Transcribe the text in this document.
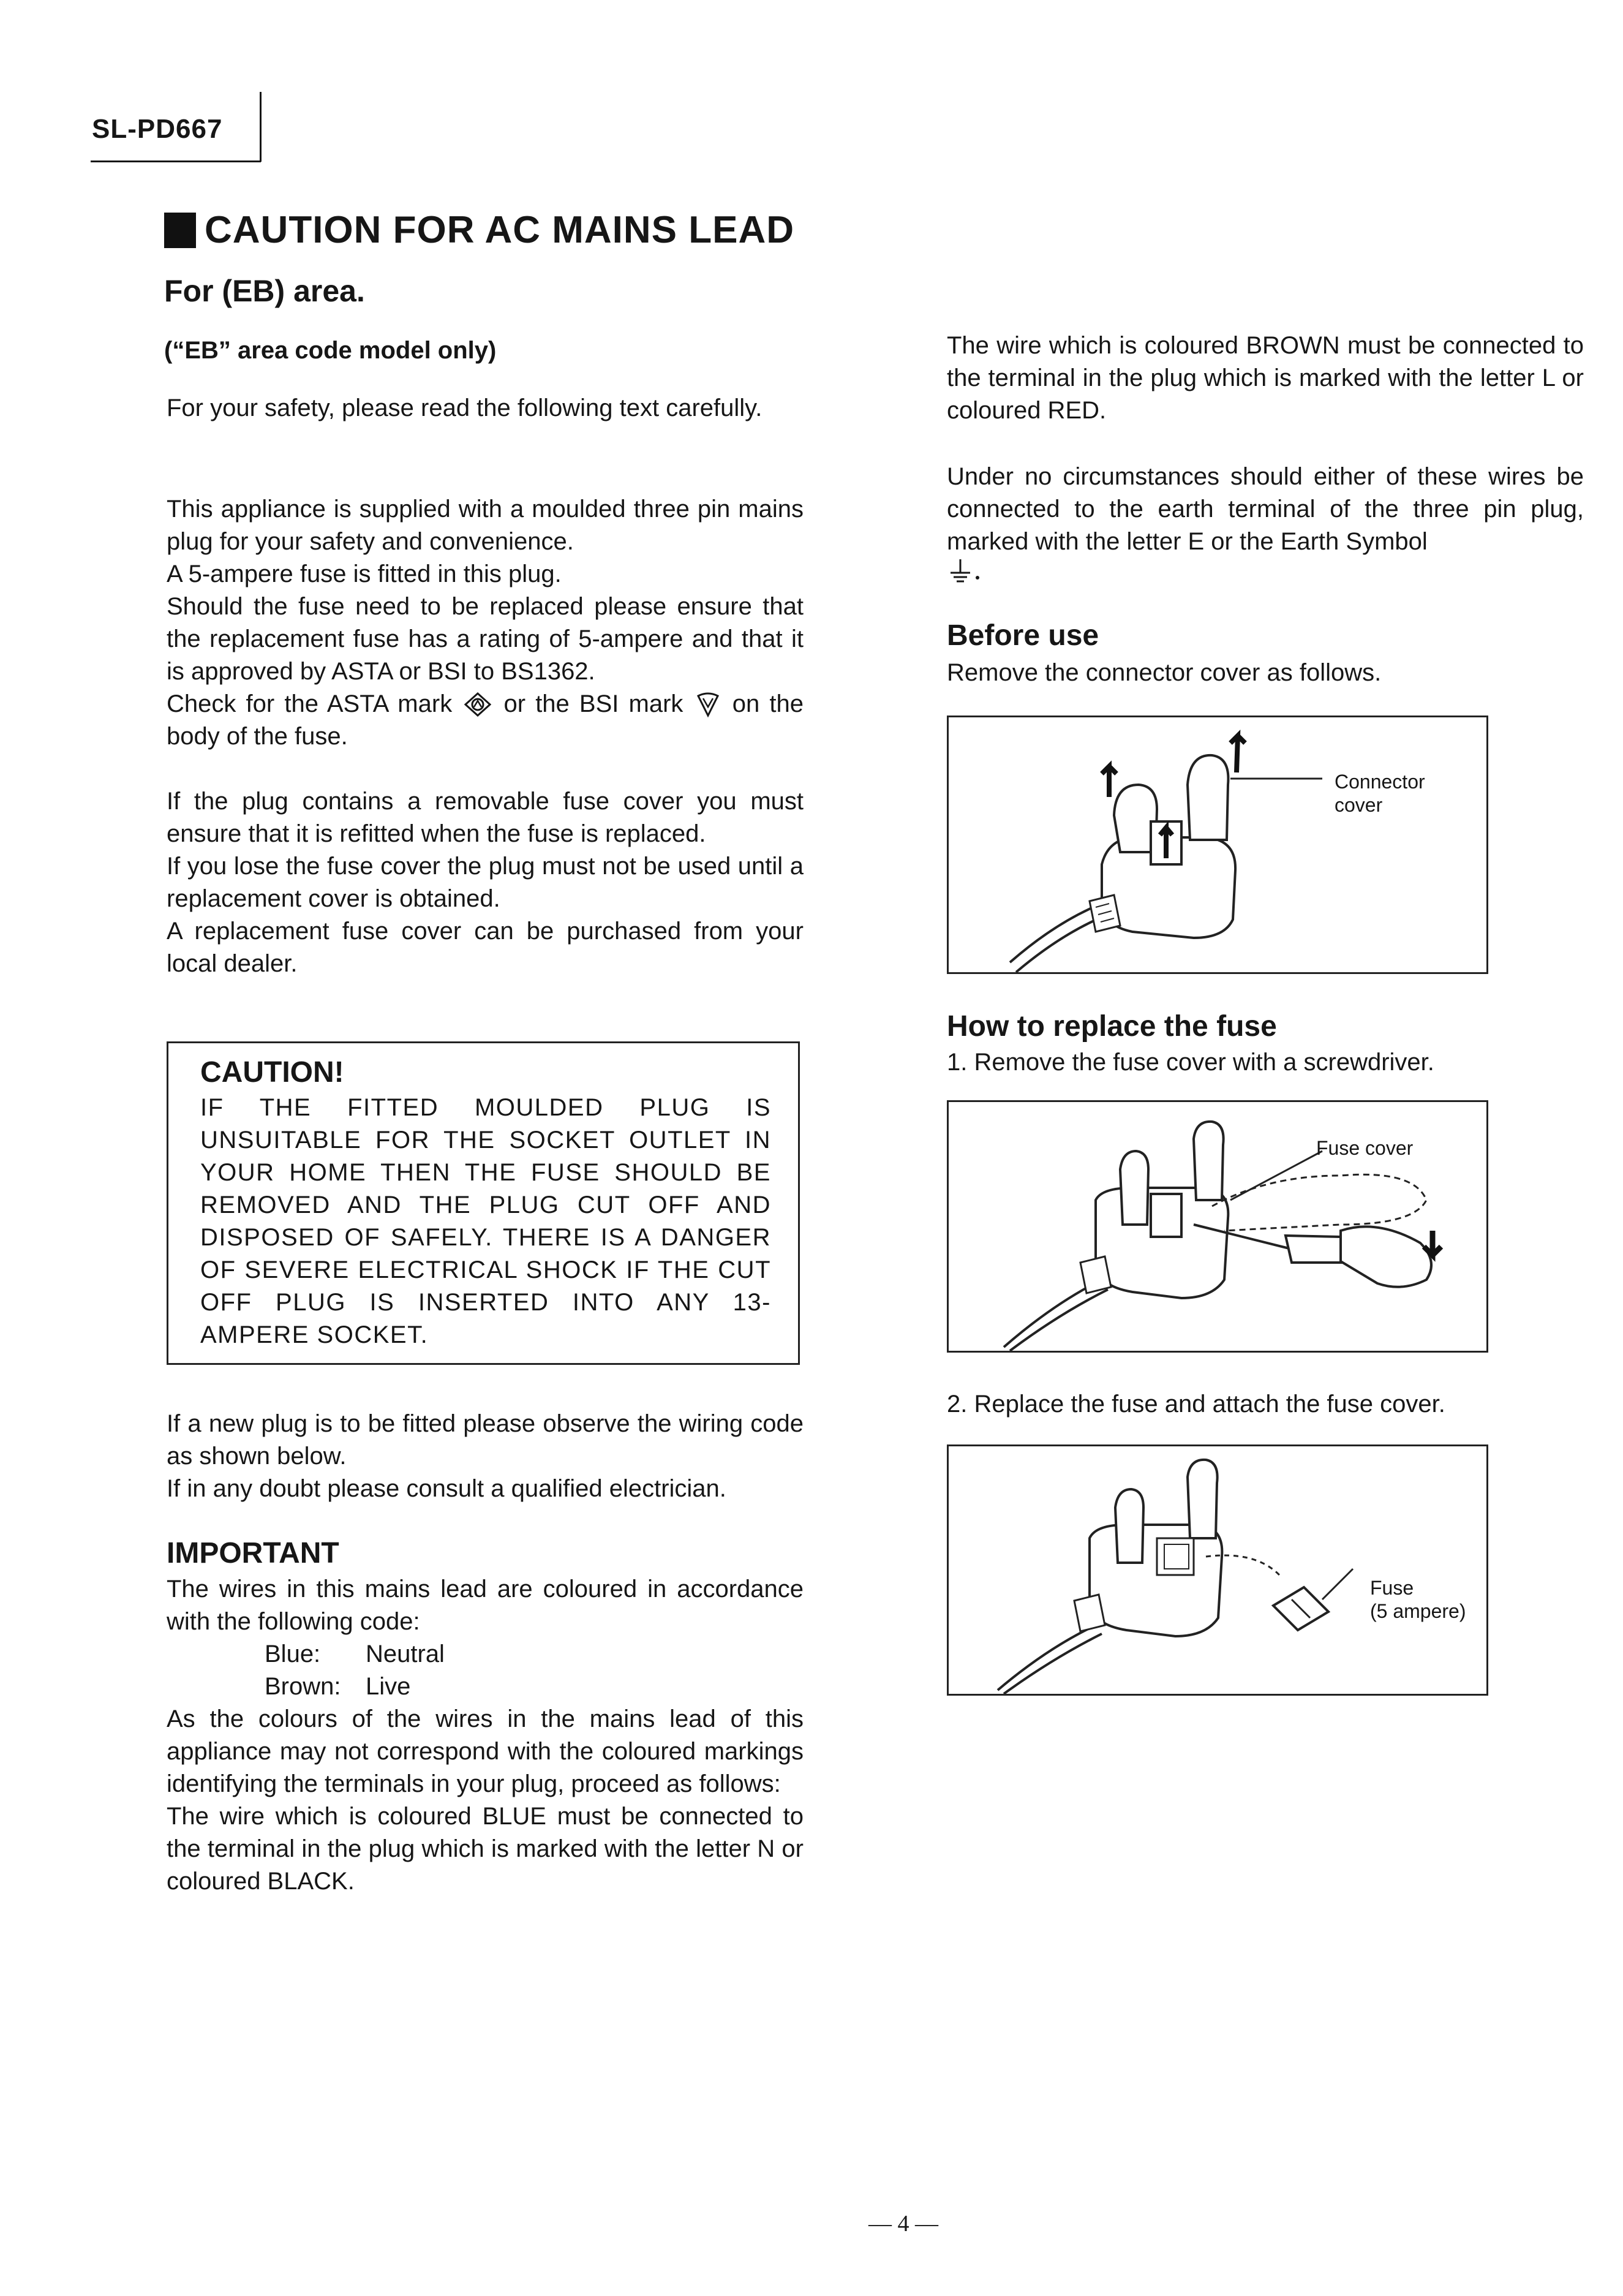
SL-PD667
CAUTION FOR AC MAINS LEAD
For (EB) area.
(“EB” area code model only)

For your safety, please read the following text carefully.

This appliance is supplied with a moulded three pin mains plug for your safety and convenience.

A 5-ampere fuse is fitted in this plug.

Should the fuse need to be replaced please ensure that the replacement fuse has a rating of 5-ampere and that it is approved by ASTA or BSI to BS1362.

Check for the ASTA mark or the BSI mark on the body of the fuse.

If the plug contains a removable fuse cover you must ensure that it is refitted when the fuse is replaced.

If you lose the fuse cover the plug must not be used until a replacement cover is obtained.

A replacement fuse cover can be purchased from your local dealer.

CAUTION!
IF THE FITTED MOULDED PLUG IS UNSUITABLE FOR THE SOCKET OUTLET IN YOUR HOME THEN THE FUSE SHOULD BE REMOVED AND THE PLUG CUT OFF AND DISPOSED OF SAFELY. THERE IS A DANGER OF SEVERE ELECTRICAL SHOCK IF THE CUT OFF PLUG IS INSERTED INTO ANY 13-AMPERE SOCKET.

If a new plug is to be fitted please observe the wiring code as shown below.

If in any doubt please consult a qualified electrician.

IMPORTANT

The wires in this mains lead are coloured in accordance with the following code:

Blue: Neutral

Brown: Live

As the colours of the wires in the mains lead of this appliance may not correspond with the coloured markings identifying the terminals in your plug, proceed as follows:

The wire which is coloured BLUE must be connected to the terminal in the plug which is marked with the letter N or coloured BLACK.

The wire which is coloured BROWN must be connected to the terminal in the plug which is marked with the letter L or coloured RED.

Under no circumstances should either of these wires be connected to the earth terminal of the three pin plug, marked with the letter E or the Earth Symbol

Before use
Remove the connector cover as follows.
Connector
cover
How to replace the fuse
1. Remove the fuse cover with a screwdriver.
Fuse cover
2. Replace the fuse and attach the fuse cover.
Fuse
(5 ampere)
— 4 —
